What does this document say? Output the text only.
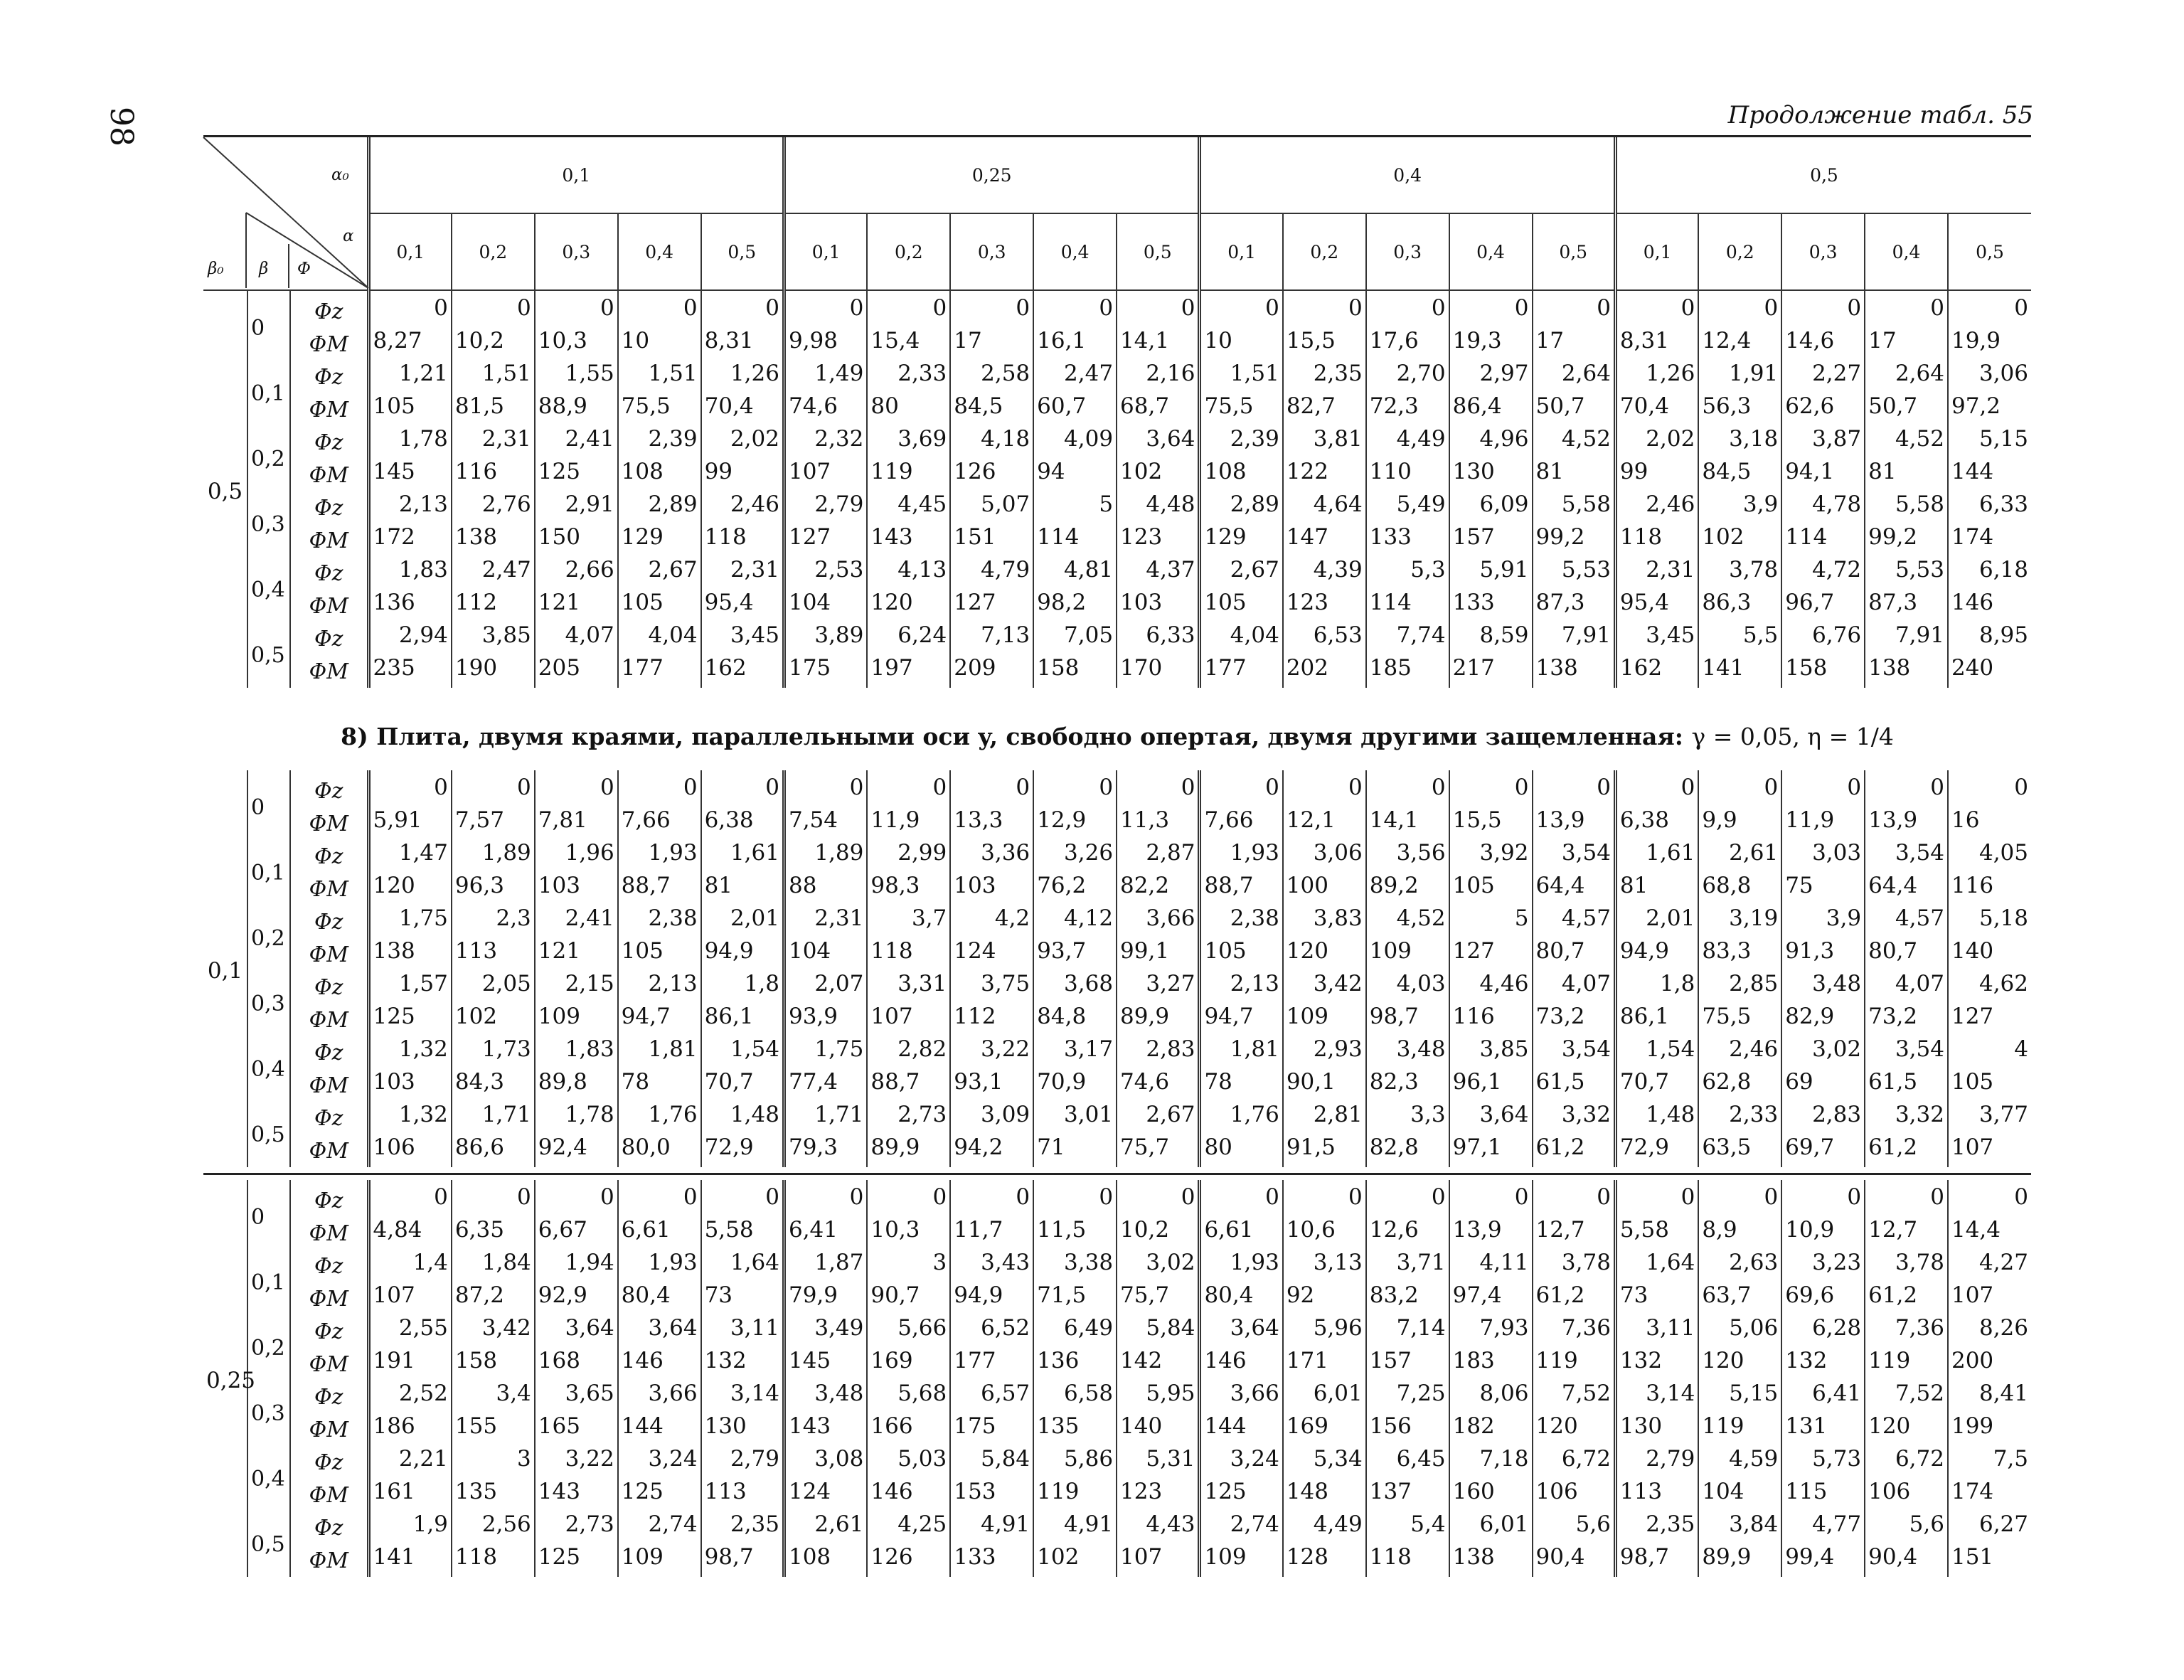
98	Продолжение табл. 55
α₀
α
β₀ β Φ			0,1					0,25					0,4					0,5				
			0,1	0,2	0,3	0,4	0,5	0,1	0,2	0,3	0,4	0,5	0,1	0,2	0,3	0,4	0,5	0,1	0,2	0,3	0,4	0,5
0,5	0	Φz	0	0	0	0	0	0	0	0	0	0	0	0	0	0	0	0	0	0	0	0
		ΦM	8,27	10,2	10,3	10	8,31	9,98	15,4	17	16,1	14,1	10	15,5	17,6	19,3	17	8,31	12,4	14,6	17	19,9
	0,1	Φz	1,21	1,51	1,55	1,51	1,26	1,49	2,33	2,58	2,47	2,16	1,51	2,35	2,70	2,97	2,64	1,26	1,91	2,27	2,64	3,06
		ΦM	105	81,5	88,9	75,5	70,4	74,6	80	84,5	60,7	68,7	75,5	82,7	72,3	86,4	50,7	70,4	56,3	62,6	50,7	97,2
	0,2	Φz	1,78	2,31	2,41	2,39	2,02	2,32	3,69	4,18	4,09	3,64	2,39	3,81	4,49	4,96	4,52	2,02	3,18	3,87	4,52	5,15
		ΦM	145	116	125	108	99	107	119	126	94	102	108	122	110	130	81	99	84,5	94,1	81	144
	0,3	Φz	2,13	2,76	2,91	2,89	2,46	2,79	4,45	5,07	5	4,48	2,89	4,64	5,49	6,09	5,58	2,46	3,9	4,78	5,58	6,33
		ΦM	172	138	150	129	118	127	143	151	114	123	129	147	133	157	99,2	118	102	114	99,2	174
	0,4	Φz	1,83	2,47	2,66	2,67	2,31	2,53	4,13	4,79	4,81	4,37	2,67	4,39	5,3	5,91	5,53	2,31	3,78	4,72	5,53	6,18
		ΦM	136	112	121	105	95,4	104	120	127	98,2	103	105	123	114	133	87,3	95,4	86,3	96,7	87,3	146
	0,5	Φz	2,94	3,85	4,07	4,04	3,45	3,89	6,24	7,13	7,05	6,33	4,04	6,53	7,74	8,59	7,91	3,45	5,5	6,76	7,91	8,95
		ΦM	235	190	205	177	162	175	197	209	158	170	177	202	185	217	138	162	141	158	138	240
8) Плита, двумя краями, параллельными оси y, свободно опертая, двумя другими защемленная: γ = 0,05, η = 1/4																						
0,1	0	Φz	0	0	0	0	0	0	0	0	0	0	0	0	0	0	0	0	0	0	0	0
		ΦM	5,91	7,57	7,81	7,66	6,38	7,54	11,9	13,3	12,9	11,3	7,66	12,1	14,1	15,5	13,9	6,38	9,9	11,9	13,9	16
	0,1	Φz	1,47	1,89	1,96	1,93	1,61	1,89	2,99	3,36	3,26	2,87	1,93	3,06	3,56	3,92	3,54	1,61	2,61	3,03	3,54	4,05
		ΦM	120	96,3	103	88,7	81	88	98,3	103	76,2	82,2	88,7	100	89,2	105	64,4	81	68,8	75	64,4	116
	0,2	Φz	1,75	2,3	2,41	2,38	2,01	2,31	3,7	4,2	4,12	3,66	2,38	3,83	4,52	5	4,57	2,01	3,19	3,9	4,57	5,18
		ΦM	138	113	121	105	94,9	104	118	124	93,7	99,1	105	120	109	127	80,7	94,9	83,3	91,3	80,7	140
	0,3	Φz	1,57	2,05	2,15	2,13	1,8	2,07	3,31	3,75	3,68	3,27	2,13	3,42	4,03	4,46	4,07	1,8	2,85	3,48	4,07	4,62
		ΦM	125	102	109	94,7	86,1	93,9	107	112	84,8	89,9	94,7	109	98,7	116	73,2	86,1	75,5	82,9	73,2	127
	0,4	Φz	1,32	1,73	1,83	1,81	1,54	1,75	2,82	3,22	3,17	2,83	1,81	2,93	3,48	3,85	3,54	1,54	2,46	3,02	3,54	4
		ΦM	103	84,3	89,8	78	70,7	77,4	88,7	93,1	70,9	74,6	78	90,1	82,3	96,1	61,5	70,7	62,8	69	61,5	105
	0,5	Φz	1,32	1,71	1,78	1,76	1,48	1,71	2,73	3,09	3,01	2,67	1,76	2,81	3,3	3,64	3,32	1,48	2,33	2,83	3,32	3,77
		ΦM	106	86,6	92,4	80,0	72,9	79,3	89,9	94,2	71	75,7	80	91,5	82,8	97,1	61,2	72,9	63,5	69,7	61,2	107

0,25	0	Φz	0	0	0	0	0	0	0	0	0	0	0	0	0	0	0	0	0	0	0	0
		ΦM	4,84	6,35	6,67	6,61	5,58	6,41	10,3	11,7	11,5	10,2	6,61	10,6	12,6	13,9	12,7	5,58	8,9	10,9	12,7	14,4
	0,1	Φz	1,4	1,84	1,94	1,93	1,64	1,87	3	3,43	3,38	3,02	1,93	3,13	3,71	4,11	3,78	1,64	2,63	3,23	3,78	4,27
		ΦM	107	87,2	92,9	80,4	73	79,9	90,7	94,9	71,5	75,7	80,4	92	83,2	97,4	61,2	73	63,7	69,6	61,2	107
	0,2	Φz	2,55	3,42	3,64	3,64	3,11	3,49	5,66	6,52	6,49	5,84	3,64	5,96	7,14	7,93	7,36	3,11	5,06	6,28	7,36	8,26
		ΦM	191	158	168	146	132	145	169	177	136	142	146	171	157	183	119	132	120	132	119	200
	0,3	Φz	2,52	3,4	3,65	3,66	3,14	3,48	5,68	6,57	6,58	5,95	3,66	6,01	7,25	8,06	7,52	3,14	5,15	6,41	7,52	8,41
		ΦM	186	155	165	144	130	143	166	175	135	140	144	169	156	182	120	130	119	131	120	199
	0,4	Φz	2,21	3	3,22	3,24	2,79	3,08	5,03	5,84	5,86	5,31	3,24	5,34	6,45	7,18	6,72	2,79	4,59	5,73	6,72	7,5
		ΦM	161	135	143	125	113	124	146	153	119	123	125	148	137	160	106	113	104	115	106	174
	0,5	Φz	1,9	2,56	2,73	2,74	2,35	2,61	4,25	4,91	4,91	4,43	2,74	4,49	5,4	6,01	5,6	2,35	3,84	4,77	5,6	6,27
		ΦM	141	118	125	109	98,7	108	126	133	102	107	109	128	118	138	90,4	98,7	89,9	99,4	90,4	151
